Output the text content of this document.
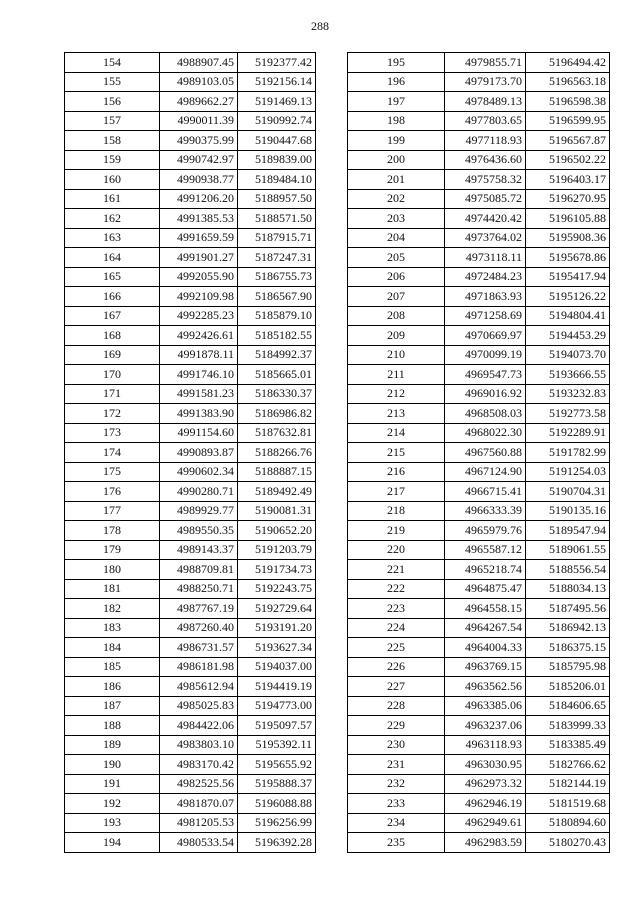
288
154	4988907.45	5192377.42
155	4989103.05	5192156.14
156	4989662.27	5191469.13
157	4990011.39	5190992.74
158	4990375.99	5190447.68
159	4990742.97	5189839.00
160	4990938.77	5189484.10
161	4991206.20	5188957.50
162	4991385.53	5188571.50
163	4991659.59	5187915.71
164	4991901.27	5187247.31
165	4992055.90	5186755.73
166	4992109.98	5186567.90
167	4992285.23	5185879.10
168	4992426.61	5185182.55
169	4991878.11	5184992.37
170	4991746.10	5185665.01
171	4991581.23	5186330.37
172	4991383.90	5186986.82
173	4991154.60	5187632.81
174	4990893.87	5188266.76
175	4990602.34	5188887.15
176	4990280.71	5189492.49
177	4989929.77	5190081.31
178	4989550.35	5190652.20
179	4989143.37	5191203.79
180	4988709.81	5191734.73
181	4988250.71	5192243.75
182	4987767.19	5192729.64
183	4987260.40	5193191.20
184	4986731.57	5193627.34
185	4986181.98	5194037.00
186	4985612.94	5194419.19
187	4985025.83	5194773.00
188	4984422.06	5195097.57
189	4983803.10	5195392.11
190	4983170.42	5195655.92
191	4982525.56	5195888.37
192	4981870.07	5196088.88
193	4981205.53	5196256.99
194	4980533.54	5196392.28
195	4979855.71	5196494.42
196	4979173.70	5196563.18
197	4978489.13	5196598.38
198	4977803.65	5196599.95
199	4977118.93	5196567.87
200	4976436.60	5196502.22
201	4975758.32	5196403.17
202	4975085.72	5196270.95
203	4974420.42	5196105.88
204	4973764.02	5195908.36
205	4973118.11	5195678.86
206	4972484.23	5195417.94
207	4971863.93	5195126.22
208	4971258.69	5194804.41
209	4970669.97	5194453.29
210	4970099.19	5194073.70
211	4969547.73	5193666.55
212	4969016.92	5193232.83
213	4968508.03	5192773.58
214	4968022.30	5192289.91
215	4967560.88	5191782.99
216	4967124.90	5191254.03
217	4966715.41	5190704.31
218	4966333.39	5190135.16
219	4965979.76	5189547.94
220	4965587.12	5189061.55
221	4965218.74	5188556.54
222	4964875.47	5188034.13
223	4964558.15	5187495.56
224	4964267.54	5186942.13
225	4964004.33	5186375.15
226	4963769.15	5185795.98
227	4963562.56	5185206.01
228	4963385.06	5184606.65
229	4963237.06	5183999.33
230	4963118.93	5183385.49
231	4963030.95	5182766.62
232	4962973.32	5182144.19
233	4962946.19	5181519.68
234	4962949.61	5180894.60
235	4962983.59	5180270.43
